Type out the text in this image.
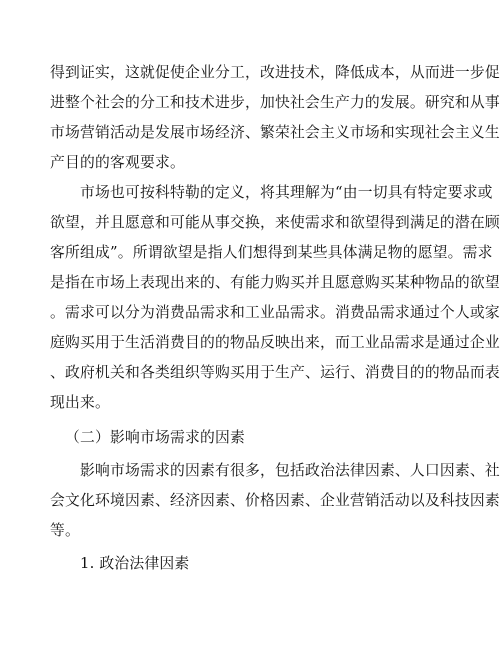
得到证实，这就促使企业分工，改进技术，降低成本，从而进一步促
进整个社会的分工和技术进步，加快社会生产力的发展。研究和从事
市场营销活动是发展市场经济、繁荣社会主义市场和实现社会主义生
产目的的客观要求。
市场也可按科特勒的定义，将其理解为“由一切具有特定要求或
欲望，并且愿意和可能从事交换，来使需求和欲望得到满足的潜在顾
客所组成”。所谓欲望是指人们想得到某些具体满足物的愿望。需求
是指在市场上表现出来的、有能力购买并且愿意购买某种物品的欲望
。需求可以分为消费品需求和工业品需求。消费品需求通过个人或家
庭购买用于生活消费目的的物品反映出来，而工业品需求是通过企业
、政府机关和各类组织等购买用于生产、运行、消费目的的物品而表
现出来。
（二）影响市场需求的因素
影响市场需求的因素有很多，包括政治法律因素、人口因素、社
会文化环境因素、经济因素、价格因素、企业营销活动以及科技因素
等。
1. 政治法律因素
